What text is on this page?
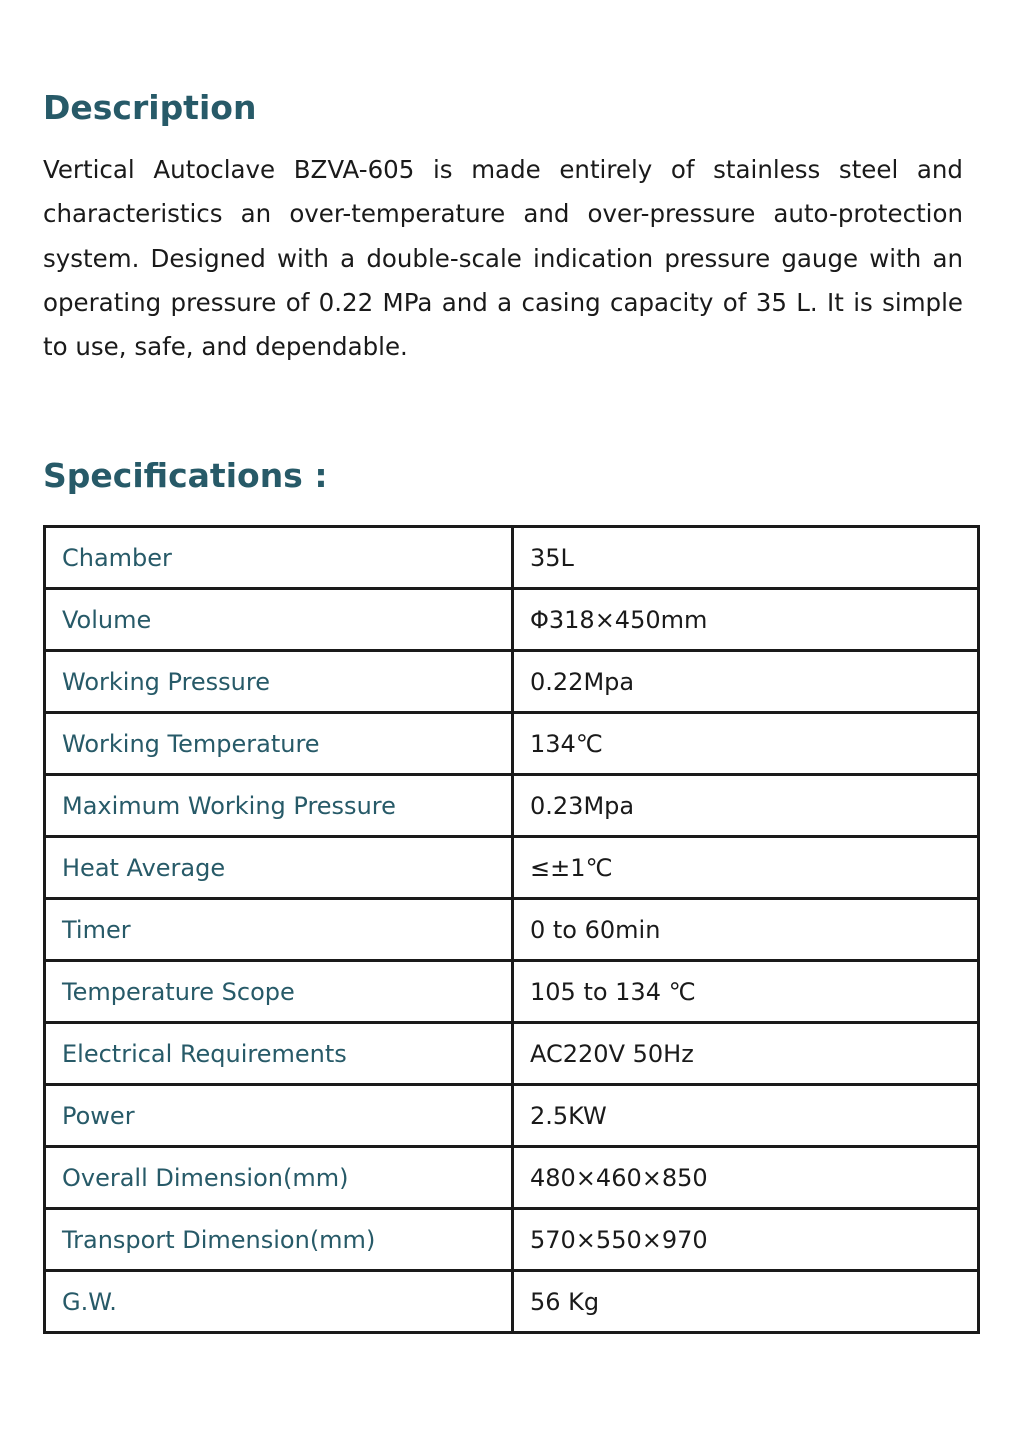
Description

Vertical Autoclave BZVA-605 is made entirely of stainless steel and characteristics an over-temperature and over-pressure auto-protection system. Designed with a double-scale indication pressure gauge with an operating pressure of 0.22 MPa and a casing capacity of 35 L. It is simple to use, safe, and dependable.

Specifications :
Chamber	35L
Volume	Φ318×450mm
Working Pressure	0.22Mpa
Working Temperature	134℃
Maximum Working Pressure	0.23Mpa
Heat Average	≤±1℃
Timer	0 to 60min
Temperature Scope	105 to 134 ℃
Electrical Requirements	AC220V 50Hz
Power	2.5KW
Overall Dimension(mm)	480×460×850
Transport Dimension(mm)	570×550×970
G.W.	56 Kg
